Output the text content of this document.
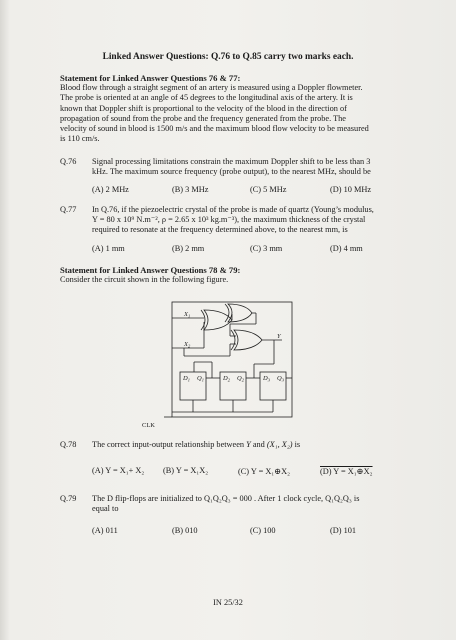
Linked Answer Questions: Q.76 to Q.85 carry two marks each.
Statement for Linked Answer Questions 76 & 77:
Blood flow through a straight segment of an artery is measured using a Doppler flowmeter.
The probe is oriented at an angle of 45 degrees to the longitudinal axis of the artery. It is
known that Doppler shift is proportional to the velocity of the blood in the direction of
propagation of sound from the probe and the frequency generated from the probe. The
velocity of sound in blood is 1500 m/s and the maximum blood flow velocity to be measured
is 110 cm/s.
Q.76 Signal processing limitations constrain the maximum Doppler shift to be less than 3
kHz. The maximum source frequency (probe output), to the nearest MHz, should be
(A) 2 MHz	(B) 3 MHz	(C) 5 MHz	(D) 10 MHz
Q.77 In Q.76, if the piezoelectric crystal of the probe is made of quartz (Young’s modulus,
Y = 80 x 10⁹ N.m⁻², ρ = 2.65 x 10³ kg.m⁻³), the maximum thickness of the crystal
required to resonate at the frequency determined above, to the nearest mm, is
(A) 1 mm	(B) 2 mm	(C) 3 mm	(D) 4 mm
Statement for Linked Answer Questions 78 & 79:
Consider the circuit shown in the following figure.
$X_1$
$X_2$
Y
$D_1$ $Q_1$	$D_2$ $Q_2$	$D_3$ $Q_3$
CLK
Q.78 The correct input-output relationship between Y and (X₁, X₂) is
(A) Y = X₁+ X₂ (B) Y = X₁X₂	(C) Y = X₁⊕X₂	(D) Y = X₁⊕X₂
Q.79 The D flip-flops are initialized to Q₁Q₂Q₃ = 000 . After 1 clock cycle, Q₁Q₂Q₃ is
equal to
(A) 011	(B) 010	(C) 100	(D) 101
IN 25/32
